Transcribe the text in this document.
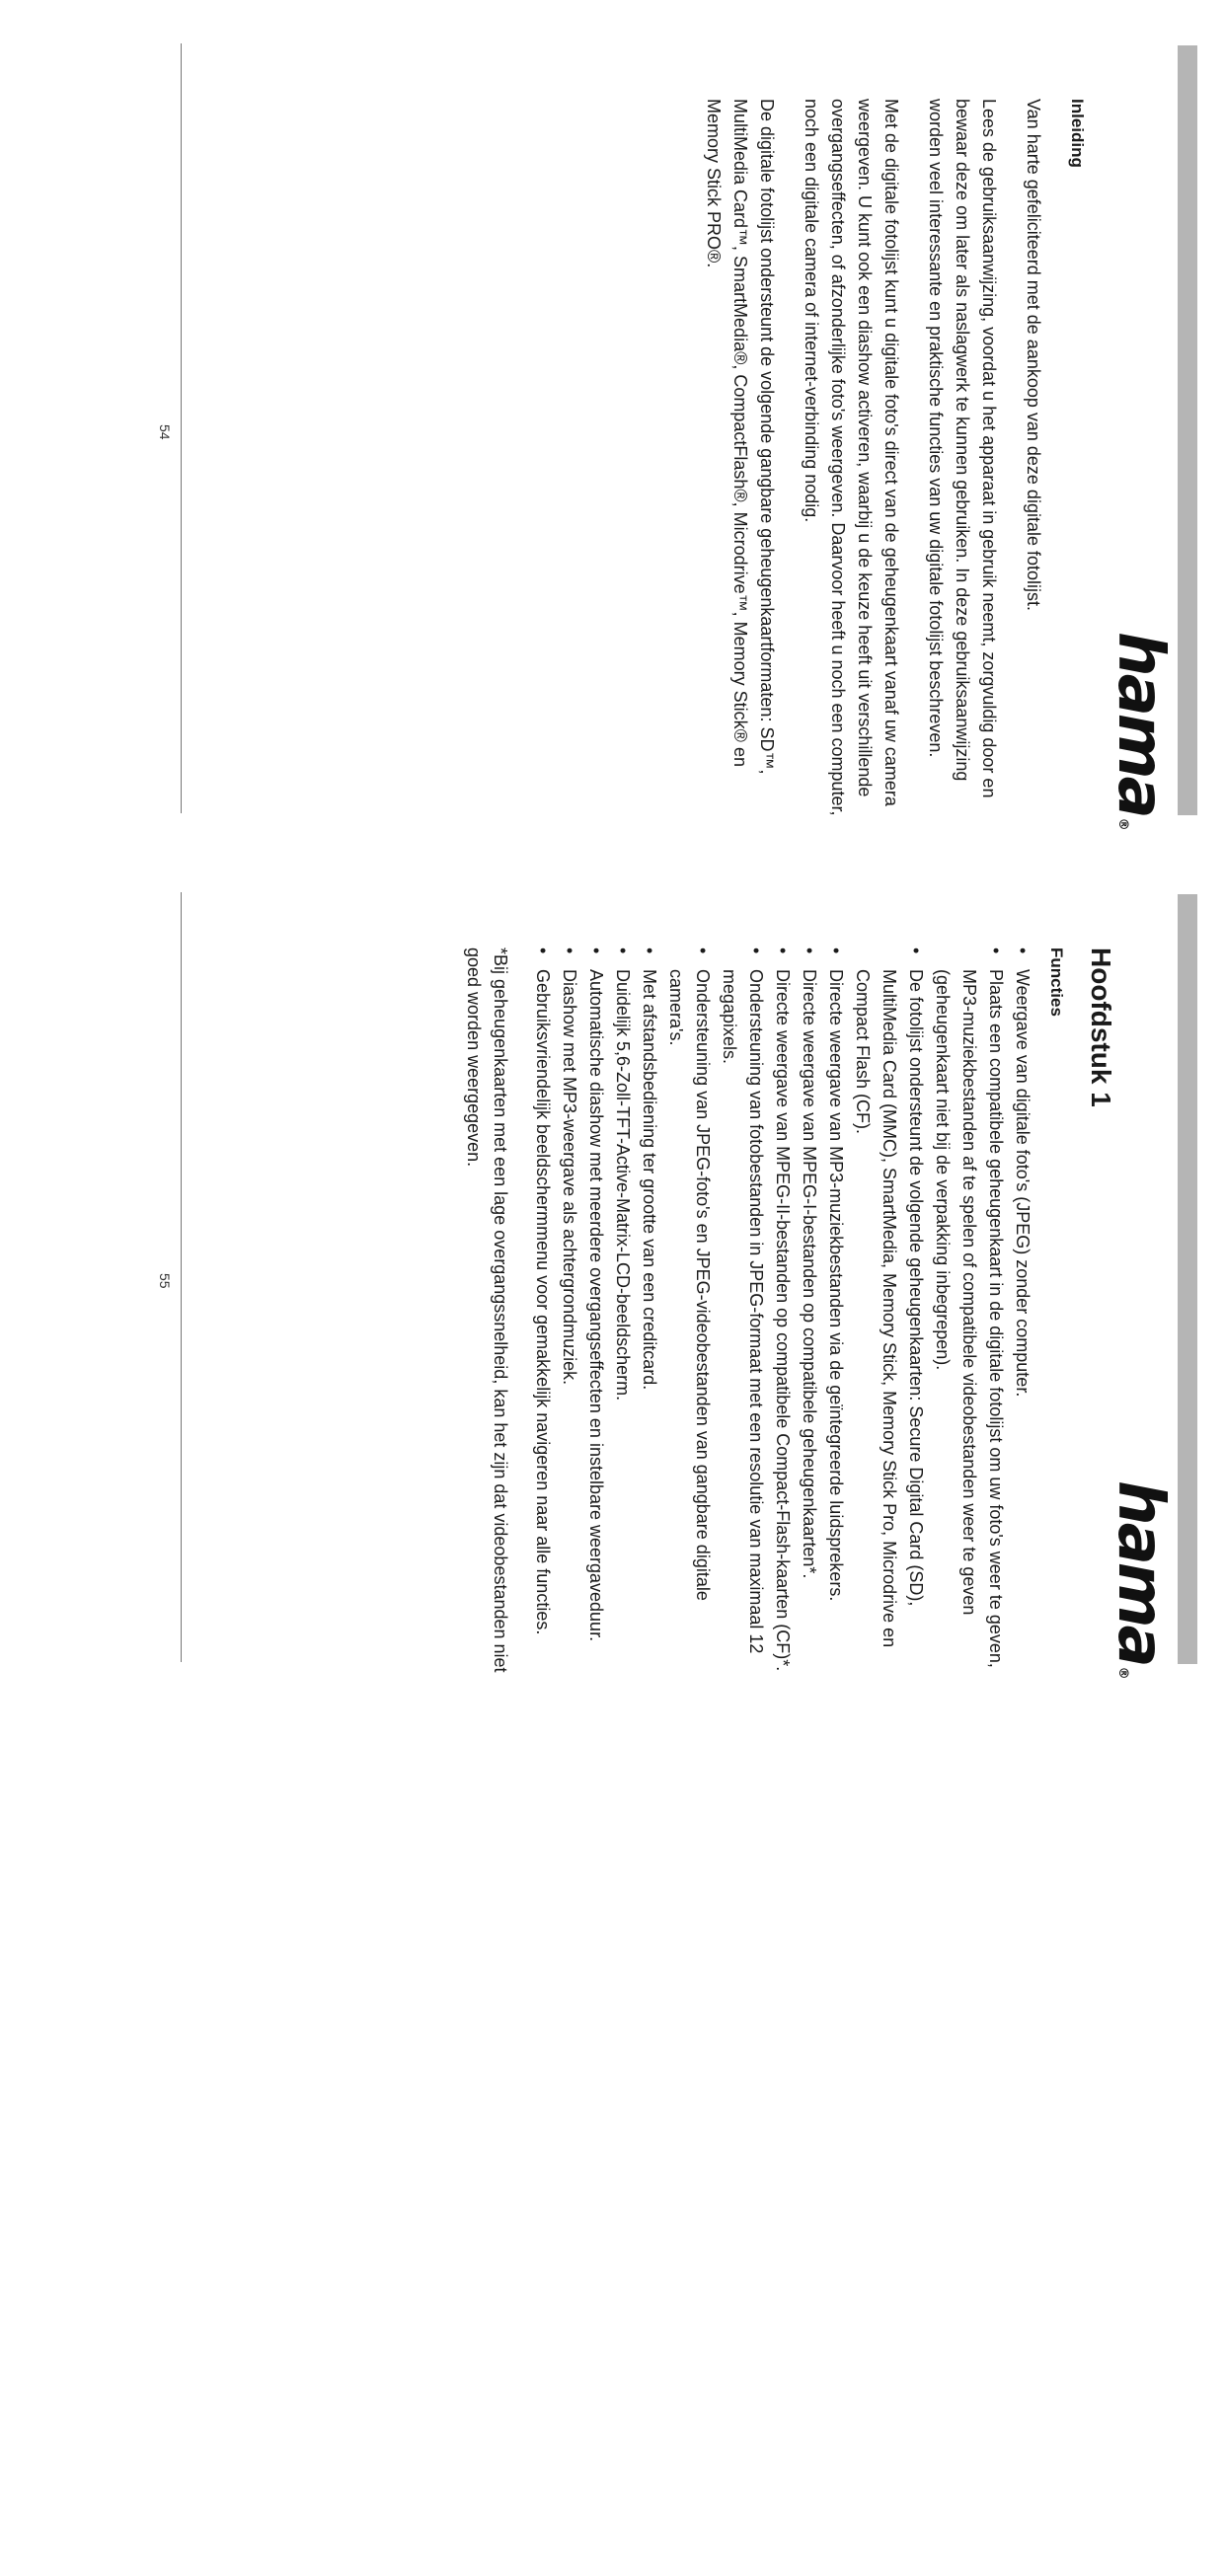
hama®

Inleiding

Van harte gefeliciteerd met de aankoop van deze digitale fotolijst.

Lees de gebruiksaanwijzing, voordat u het apparaat in gebruik neemt, zorgvuldig door en bewaar deze om later als naslagwerk te kunnen gebruiken. In deze gebruiksaanwijzing worden veel interessante en praktische functies van uw digitale fotolijst beschreven.

Met de digitale fotolijst kunt u digitale foto's direct van de geheugenkaart vanaf uw camera weergeven. U kunt ook een diashow activeren, waarbij u de keuze heeft uit verschillende overgangseffecten, of afzonderlijke foto's weergeven. Daarvoor heeft u noch een computer, noch een digitale camera of internet-verbinding nodig.

De digitale fotolijst ondersteunt de volgende gangbare geheugenkaartformaten: SD™, MultiMedia Card™, SmartMedia®, CompactFlash®, Microdrive™, Memory Stick® en Memory Stick PRO®.

54
hama®

Hoofdstuk 1

Functies

• Weergave van digitale foto's (JPEG) zonder computer.
• Plaats een compatibele geheugenkaart in de digitale fotolijst om uw foto's weer te geven, MP3-muziekbestanden af te spelen of compatibele videobestanden weer te geven (geheugenkaart niet bij de verpakking inbegrepen).
• De fotolijst ondersteunt de volgende geheugenkaarten: Secure Digital Card (SD), MultiMedia Card (MMC), SmartMedia, Memory Stick, Memory Stick Pro, Microdrive en Compact Flash (CF).
• Directe weergave van MP3-muziekbestanden via de geïntegreerde luidsprekers.
• Directe weergave van MPEG-I-bestanden op compatibele geheugenkaarten*.
• Directe weergave van MPEG-II-bestanden op compatibele Compact-Flash-kaarten (CF)*.
• Ondersteuning van fotobestanden in JPEG-formaat met een resolutie van maximaal 12 megapixels.
• Ondersteuning van JPEG-foto's en JPEG-videobestanden van gangbare digitale camera's.
• Met afstandsbediening ter grootte van een creditcard.
• Duidelijk 5,6-Zoll-TFT-Active-Matrix-LCD-beeldscherm.
• Automatische diashow met meerdere overgangseffecten en instelbare weergaveduur.
• Diashow met MP3-weergave als achtergrondmuziek.
• Gebruiksvriendelijk beeldschermmenu voor gemakkelijk navigeren naar alle functies.

*Bij geheugenkaarten met een lage overgangssnelheid, kan het zijn dat videobestanden niet goed worden weergegeven.

55
